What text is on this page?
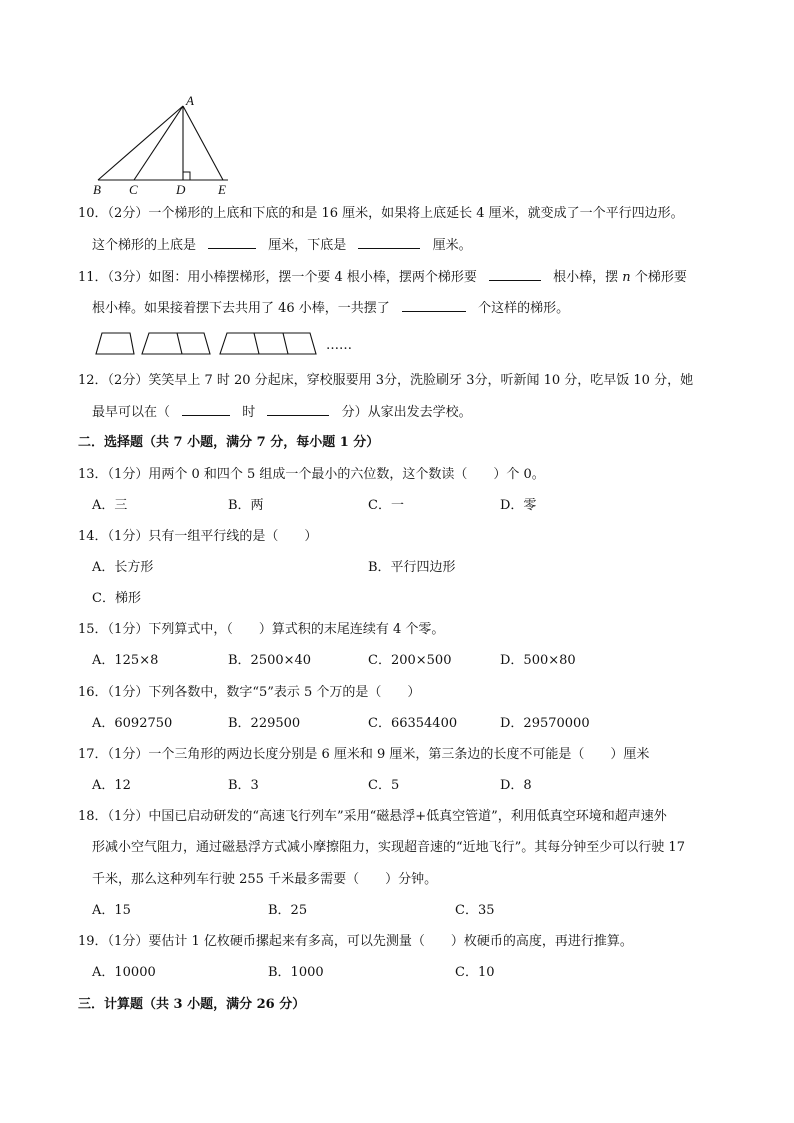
A
B C	D	E
10．（2分）一个梯形的上底和下底的和是 16 厘米，如果将上底延长 4 厘米，就变成了一个平行四边形。
这个梯形的上底是	厘米，下底是	厘米。
11．（3分）如图：用小棒摆梯形，摆一个要 4 根小棒，摆两个梯形要	根小棒，摆 n 个梯形要
根小棒。如果接着摆下去共用了 46 小棒，一共摆了	个这样的梯形。
……
12．（2分）笑笑早上 7 时 20 分起床，穿校服要用 3分，洗脸刷牙 3分，听新闻 10 分，吃早饭 10 分，她
最早可以在（	时	分）从家出发去学校。
二．选择题（共 7 小题，满分 7 分，每小题 1 分）
13．（1分）用两个 0 和四个 5 组成一个最小的六位数，这个数读（　　）个 0。
A．三	B．两	C．一	D．零
14．（1分）只有一组平行线的是（　　）
A．长方形	B．平行四边形
C．梯形
15．（1分）下列算式中，（　　）算式积的末尾连续有 4 个零。
A．125×8	B．2500×40	C．200×500	D．500×80
16．（1分）下列各数中，数字“5”表示 5 个万的是（　　）
A．6092750	B．229500	C．66354400	D．29570000
17．（1分）一个三角形的两边长度分别是 6 厘米和 9 厘米，第三条边的长度不可能是（　　）厘米
A．12	B．3	C．5	D．8
18．（1分）中国已启动研发的“高速飞行列车”采用“磁悬浮+低真空管道”，利用低真空环境和超声速外
形减小空气阻力，通过磁悬浮方式减小摩擦阻力，实现超音速的“近地飞行”。其每分钟至少可以行驶 17
千米，那么这种列车行驶 255 千米最多需要（　　）分钟。
A．15	B．25	C．35
19．（1分）要估计 1 亿枚硬币摞起来有多高，可以先测量（　　）枚硬币的高度，再进行推算。
A．10000	B．1000	C．10
三．计算题（共 3 小题，满分 26 分）
